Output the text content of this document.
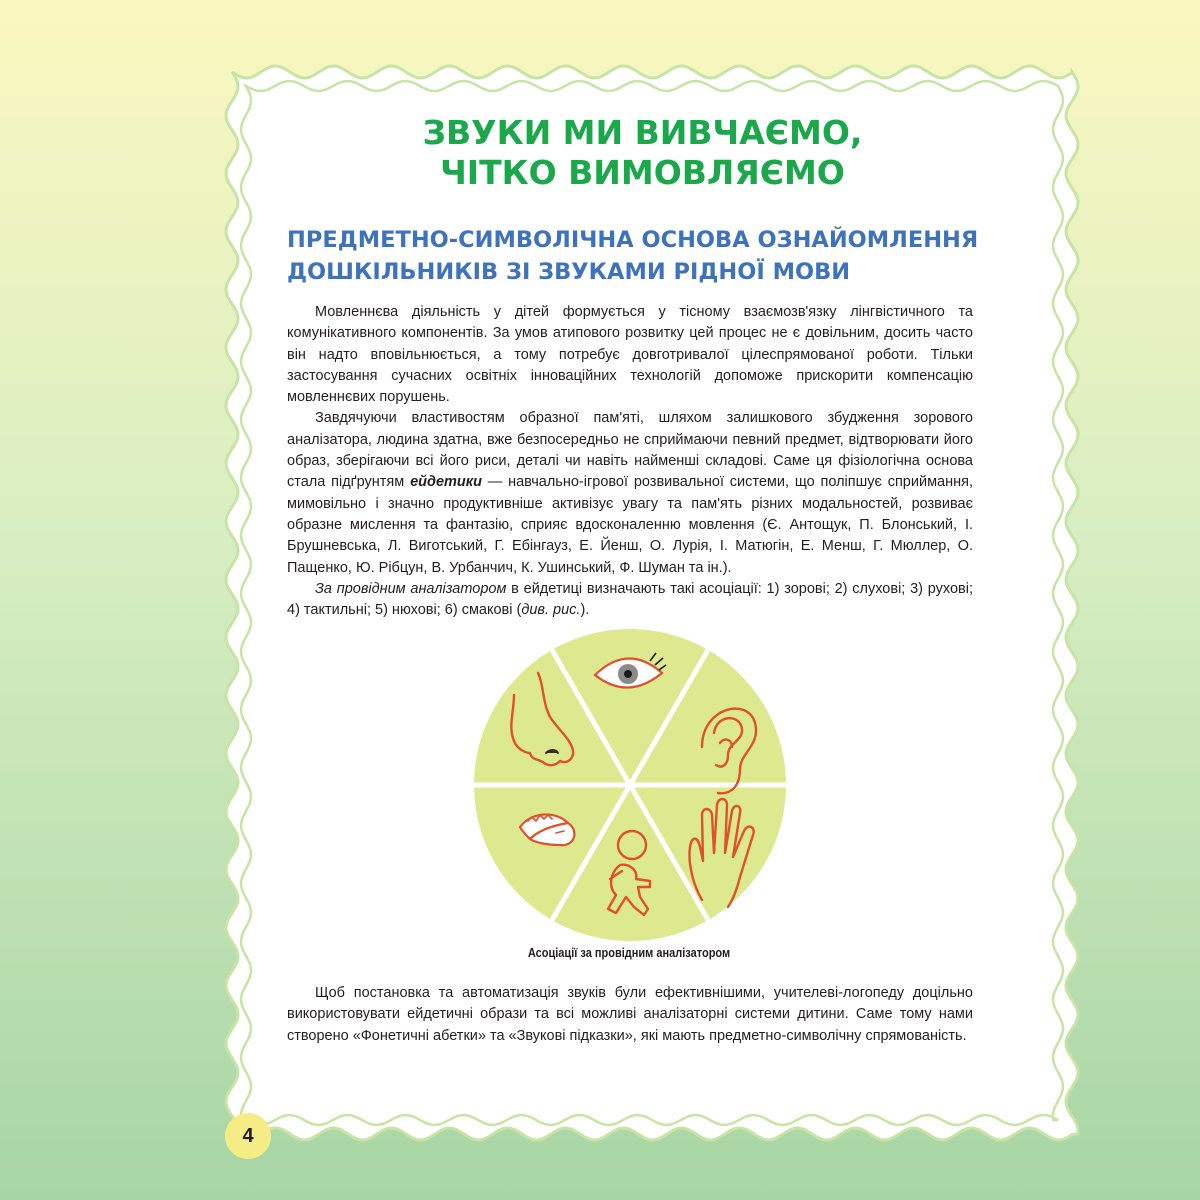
ЗВУКИ МИ ВИВЧАЄМО,
ЧІТКО ВИМОВЛЯЄМО
ПРЕДМЕТНО-СИМВОЛІЧНА ОСНОВА ОЗНАЙОМЛЕННЯ
ДОШКІЛЬНИКІВ ЗІ ЗВУКАМИ РІДНОЇ МОВИ

Мовленнєва діяльність у дітей формується у тісному взаємозв'язку лінгвістичного та комунікативного компонентів. За умов атипового розвитку цей процес не є довільним, досить часто він надто вповільнюється, а тому потребує довготривалої цілеспрямованої роботи. Тільки застосування сучасних освітніх інноваційних технологій допоможе прискорити компенсацію мовленнєвих порушень.

Завдячуючи властивостям образної пам'яті, шляхом залишкового збудження зорового аналізатора, людина здатна, вже безпосередньо не сприймаючи певний предмет, відтворювати його образ, зберігаючи всі його риси, деталі чи навіть найменші складові. Саме ця фізіологічна основа стала підґрунтям ейдетики — навчально-ігрової розвивальної системи, що поліпшує сприймання, мимовільно і значно продуктивніше активізує увагу та пам'ять різних модальностей, розвиває образне мислення та фантазію, сприяє вдосконаленню мовлення (Є. Антощук, П. Блонський, І. Брушневська, Л. Виготський, Г. Ебінгауз, Е. Йенш, О. Лурія, І. Матюгін, Е. Менш, Г. Мюллер, О. Пащенко, Ю. Рібцун, В. Урбанчич, К. Ушинський, Ф. Шуман та ін.).

За провідним аналізатором в ейдетиці визначають такі асоціації: 1) зорові; 2) слухові; 3) рухові; 4) тактильні; 5) нюхові; 6) смакові (див. рис.).

Асоціації за провідним аналізатором

Щоб постановка та автоматизація звуків були ефективнішими, учителеві-логопеду доцільно використовувати ейдетичні образи та всі можливі аналізаторні системи дитини. Саме тому нами створено «Фонетичні абетки» та «Звукові підказки», які мають предметно-символічну спрямованість.

4
